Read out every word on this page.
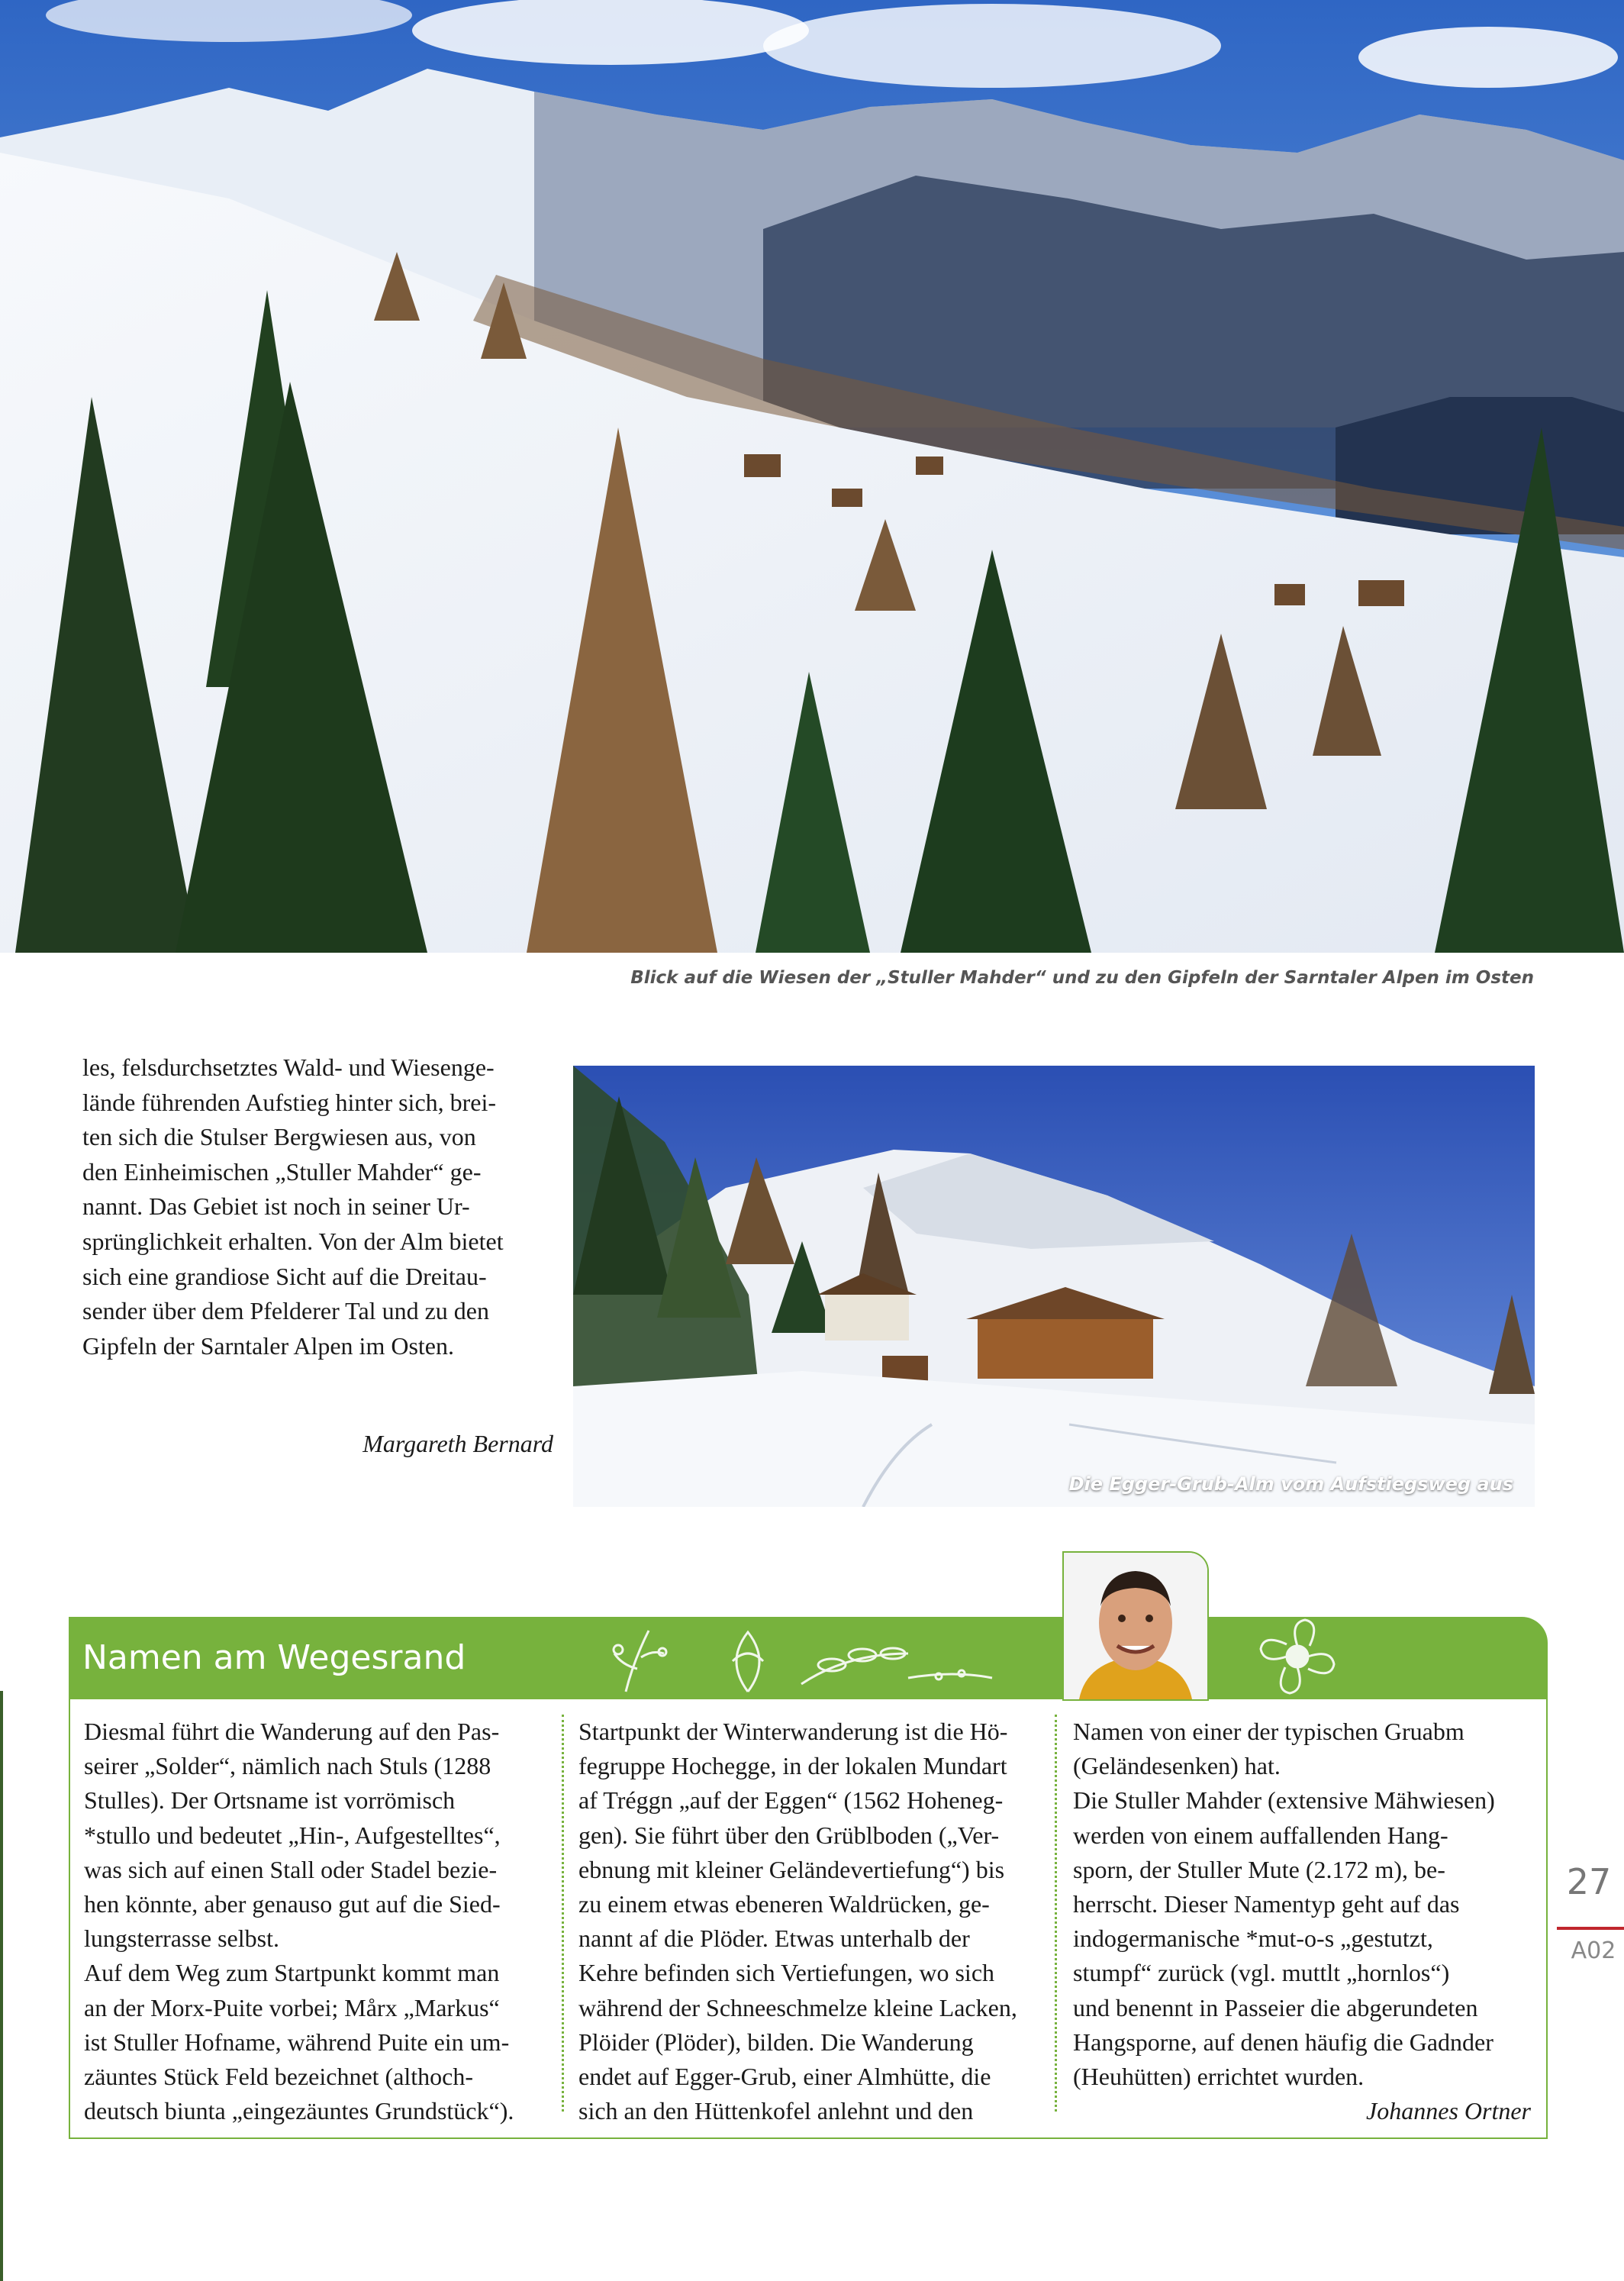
Blick auf die Wiesen der „Stuller Mahder“ und zu den Gipfeln der Sarntaler Alpen im Osten
les, felsdurchsetztes Wald- und Wiesenge-
lände führenden Aufstieg hinter sich, brei-
ten sich die Stulser Bergwiesen aus, von
den Einheimischen „Stuller Mahder“ ge-
nannt. Das Gebiet ist noch in seiner Ur-
sprünglichkeit erhalten. Von der Alm bietet
sich eine grandiose Sicht auf die Dreitau-
sender über dem Pfelderer Tal und zu den
Gipfeln der Sarntaler Alpen im Osten.
Margareth Bernard
Die Egger-Grub-Alm vom Aufstiegsweg aus
Namen am Wegesrand
Diesmal führt die Wanderung auf den Pas-
seirer „Solder“, nämlich nach Stuls (1288
Stulles). Der Ortsname ist vorrömisch
*stullo und bedeutet „Hin-, Aufgestelltes“,
was sich auf einen Stall oder Stadel bezie-
hen könnte, aber genauso gut auf die Sied-
lungsterrasse selbst.
Auf dem Weg zum Startpunkt kommt man
an der Morx-Puite vorbei; Mårx „Markus“
ist Stuller Hofname, während Puite ein um-
zäuntes Stück Feld bezeichnet (althoch-
deutsch biunta „eingezäuntes Grundstück“).
Startpunkt der Winterwanderung ist die Hö-
fegruppe Hochegge, in der lokalen Mundart
af Tréggn „auf der Eggen“ (1562 Hoheneg-
gen). Sie führt über den Grüblboden („Ver-
ebnung mit kleiner Geländevertiefung“) bis
zu einem etwas ebeneren Waldrücken, ge-
nannt af die Plöder. Etwas unterhalb der
Kehre befinden sich Vertiefungen, wo sich
während der Schneeschmelze kleine Lacken,
Plöider (Plöder), bilden. Die Wanderung
endet auf Egger-Grub, einer Almhütte, die
sich an den Hüttenkofel anlehnt und den
Namen von einer der typischen Gruabm
(Geländesenken) hat.
Die Stuller Mahder (extensive Mähwiesen)
werden von einem auffallenden Hang-
sporn, der Stuller Mute (2.172 m), be-
herrscht. Dieser Namentyp geht auf das
indogermanische *mut-o-s „gestutzt,
stumpf“ zurück (vgl. muttlt „hornlos“)
und benennt in Passeier die abgerundeten
Hangsporne, auf denen häufig die Gadnder
(Heuhütten) errichtet wurden.
Johannes Ortner
27
A02
